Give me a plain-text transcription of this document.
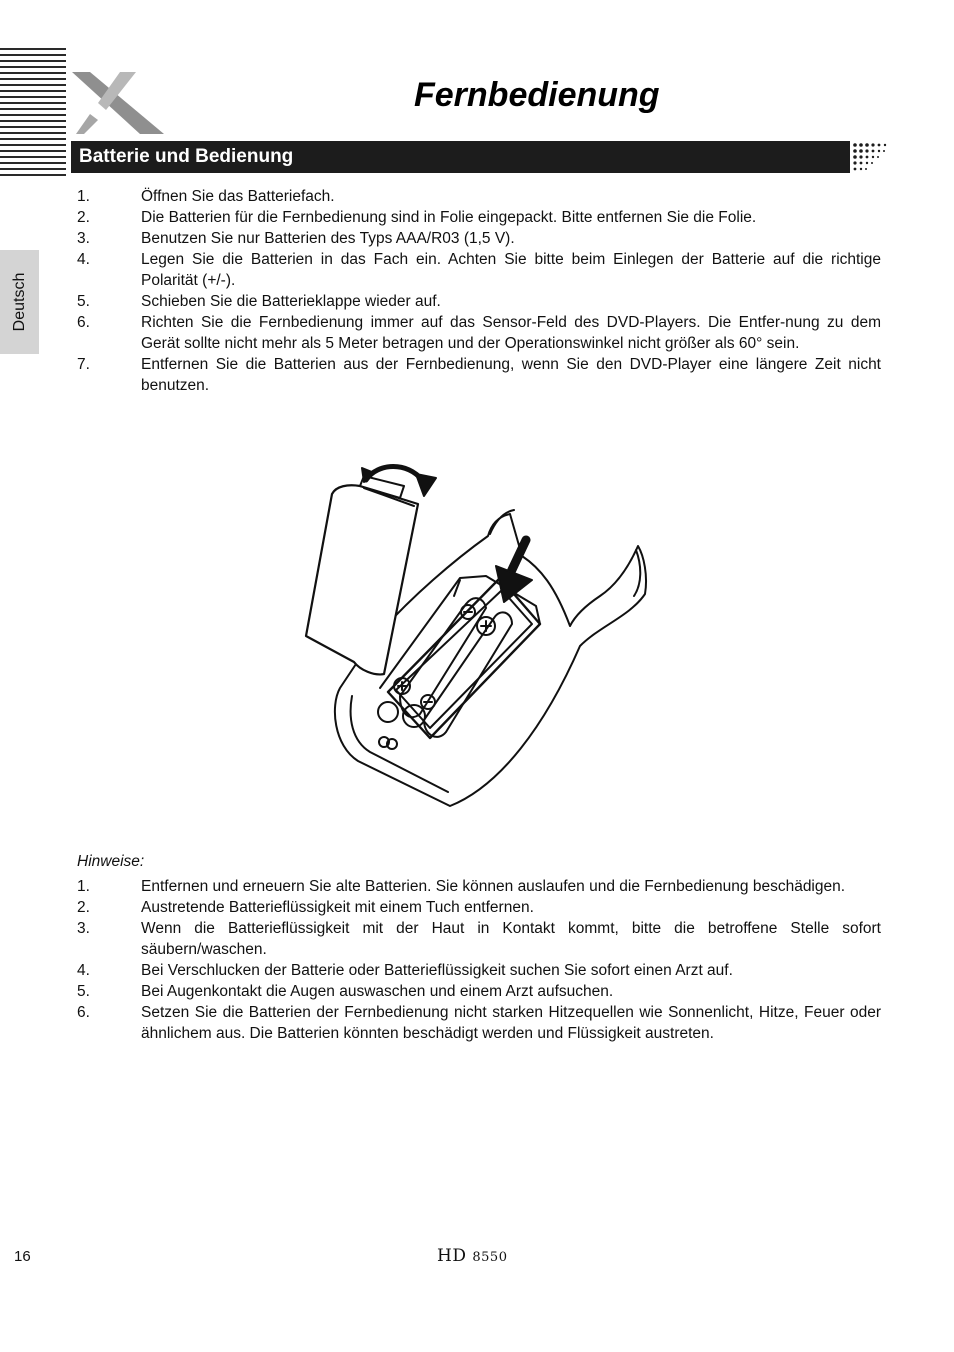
Fernbedienung
Deutsch
Batterie und Bedienung
1.	Öffnen Sie das Batteriefach.
2.	Die Batterien für die Fernbedienung sind in Folie eingepackt. Bitte entfernen Sie die Folie.
3.	Benutzen Sie nur Batterien des Typs AAA/R03 (1,5 V).
4.	Legen Sie die Batterien in das Fach ein. Achten Sie bitte beim Einlegen der Batterie auf die richtige Polarität (+/-).
5.	Schieben Sie die Batterieklappe wieder auf.
6.	Richten Sie die Fernbedienung immer auf das Sensor-Feld des DVD-Players. Die Entfer-nung zu dem Gerät sollte nicht mehr als 5 Meter betragen und der Operationswinkel nicht größer als 60° sein.
7.	Entfernen Sie die Batterien aus der Fernbedienung, wenn Sie den DVD-Player eine längere Zeit nicht benutzen.
Hinweise:
1.	Entfernen und erneuern Sie alte Batterien. Sie können auslaufen und die Fernbedienung beschädigen.
2.	Austretende Batterieflüssigkeit mit einem Tuch entfernen.
3.	Wenn die Batterieflüssigkeit mit der Haut in Kontakt kommt, bitte die betroffene Stelle sofort säubern/waschen.
4.	Bei Verschlucken der Batterie oder Batterieflüssigkeit suchen Sie sofort einen Arzt auf.
5.	Bei Augenkontakt die Augen auswaschen und einem Arzt aufsuchen.
6.	Setzen Sie die Batterien der Fernbedienung nicht starken Hitzequellen wie Sonnenlicht, Hitze, Feuer oder ähnlichem aus. Die Batterien könnten beschädigt werden und Flüssigkeit austreten.
16	HD 8550
